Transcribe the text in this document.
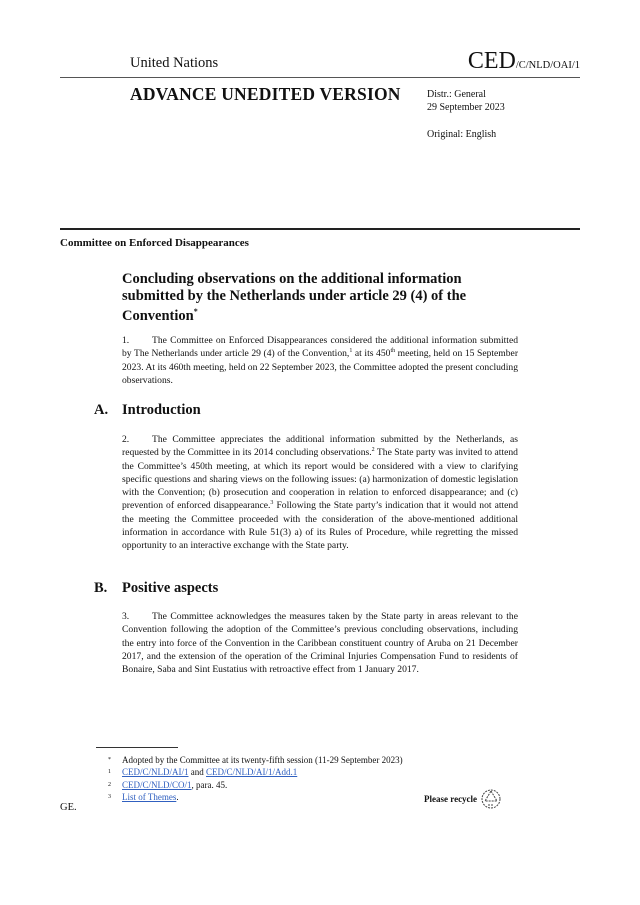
United Nations	CED/C/NLD/OAI/1
ADVANCE UNEDITED VERSION	Distr.: General
29 September 2023
Original: English
Committee on Enforced Disappearances
Concluding observations on the additional information submitted by the Netherlands under article 29 (4) of the Convention*
1. The Committee on Enforced Disappearances considered the additional information submitted by The Netherlands under article 29 (4) of the Convention,$^1$ at its 450th meeting, held on 15 September 2023. At its 460th meeting, held on 22 September 2023, the Committee adopted the present concluding observations.
A. Introduction
2. The Committee appreciates the additional information submitted by the Netherlands, as requested by the Committee in its 2014 concluding observations.$^2$ The State party was invited to attend the Committee’s 450th meeting, at which its report would be considered with a view to clarifying specific questions and sharing views on the following issues: (a) harmonization of domestic legislation with the Convention; (b) prosecution and cooperation in relation to enforced disappearance; and (c) prevention of enforced disappearance.$^3$ Following the State party’s indication that it would not attend the meeting the Committee proceeded with the consideration of the above-mentioned additional information in accordance with Rule 51(3) a) of its Rules of Procedure, while regretting the missed opportunity to an interactive exchange with the State party.
B. Positive aspects
3. The Committee acknowledges the measures taken by the State party in areas relevant to the Convention following the adoption of the Committee’s previous concluding observations, including the entry into force of the Convention in the Caribbean constituent country of Aruba on 21 December 2017, and the extension of the operation of the Criminal Injuries Compensation Fund to residents of Bonaire, Saba and Sint Eustatius with retroactive effect from 1 January 2017.
* Adopted by the Committee at its twenty-fifth session (11-29 September 2023)
$^1$ CED/C/NLD/AI/1 and CED/C/NLD/AI/1/Add.1
$^2$ CED/C/NLD/CO/1, para. 45.
$^3$ List of Themes.	Please recycle
GE.
